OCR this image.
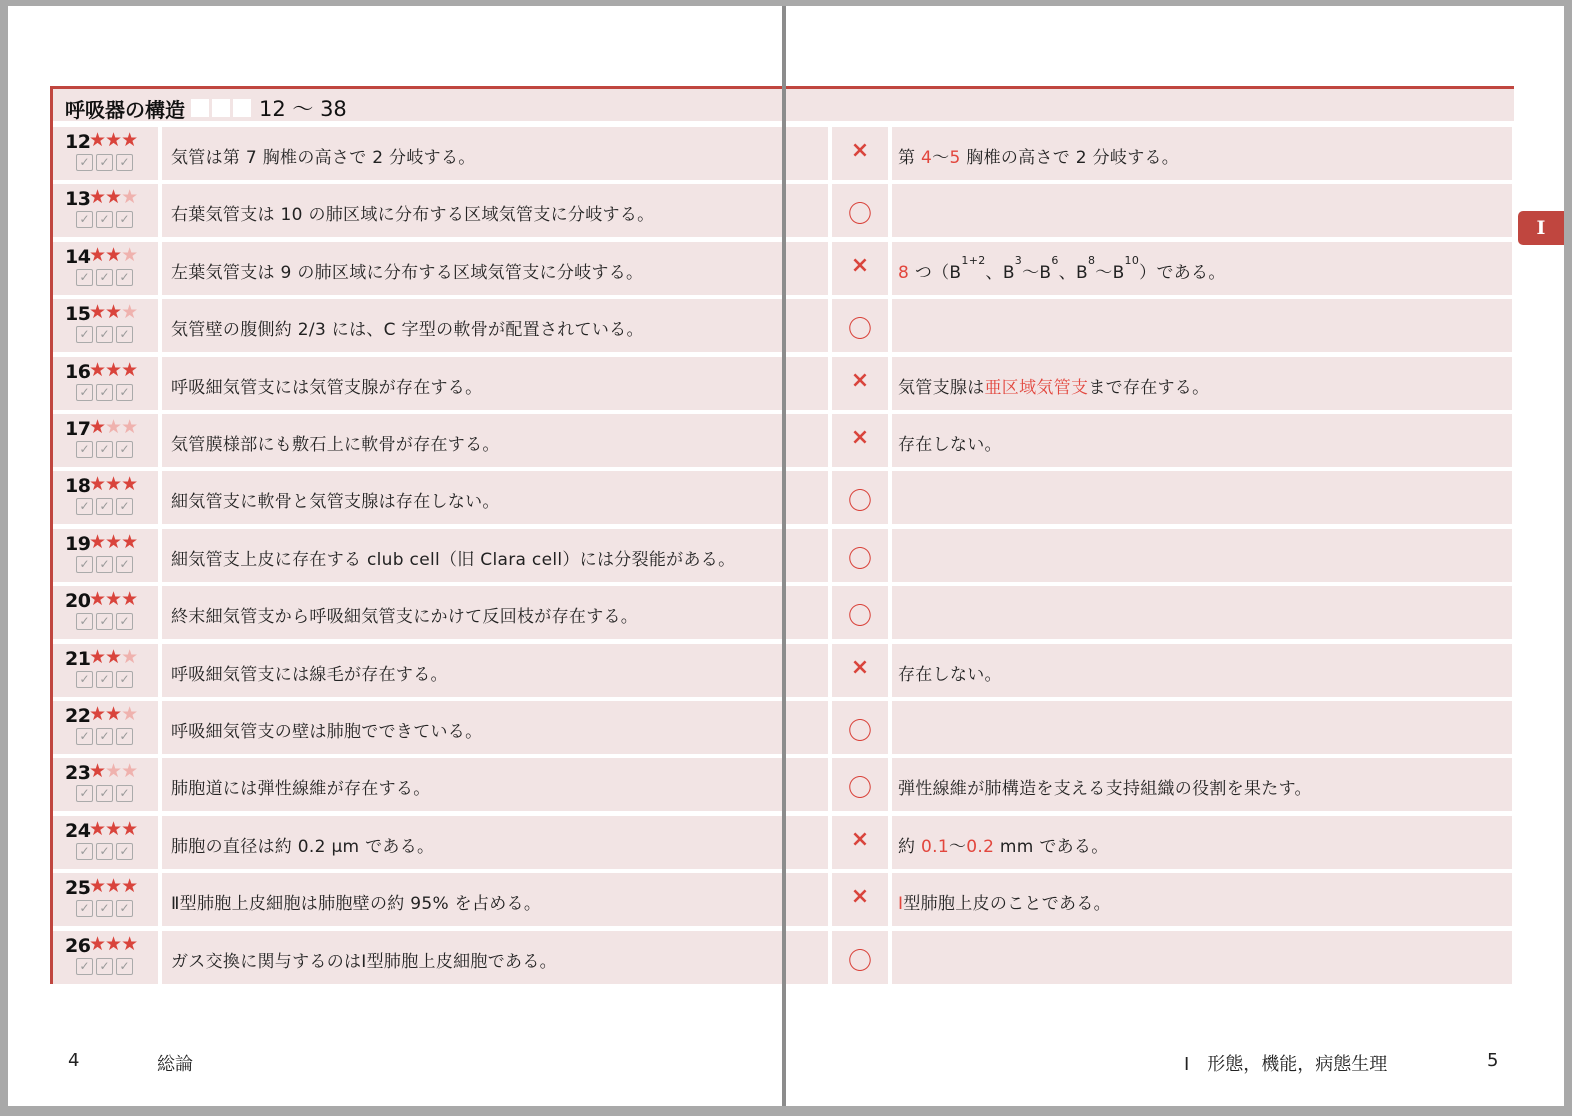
呼吸器の構造	12 ～ 38
12
★★★
✓ ✓ ✓ 気管は第 7 胸椎の高さで 2 分岐する。	×	第 4～5 胸椎の高さで 2 分岐する。
13
★★★
✓ ✓ ✓ 右葉気管支は 10 の肺区域に分布する区域気管支に分岐する。	〇
14
★★★
✓ ✓ ✓ 左葉気管支は 9 の肺区域に分布する区域気管支に分岐する。	×	8 つ（$B^{1+2}$、$B^3\sim B^6$、$B^8\sim B^{10}$）である。
15
★★★
✓ ✓ ✓ 気管壁の腹側約 2/3 には、C 字型の軟骨が配置されている。	〇
16
★★★
✓ ✓ ✓ 呼吸細気管支には気管支腺が存在する。	×	気管支腺は亜区域気管支まで存在する。
17
★★★
✓ ✓ ✓ 気管膜様部にも敷石上に軟骨が存在する。	×	存在しない。
18
★★★
✓ ✓ ✓ 細気管支に軟骨と気管支腺は存在しない。	〇
19
★★★
✓ ✓ ✓ 細気管支上皮に存在する club cell（旧 Clara cell）には分裂能がある。	〇
20
★★★
✓ ✓ ✓ 終末細気管支から呼吸細気管支にかけて反回枝が存在する。	〇
21
★★★
✓ ✓ ✓ 呼吸細気管支には線毛が存在する。	×	存在しない。
22
★★★
✓ ✓ ✓ 呼吸細気管支の壁は肺胞でできている。	〇
23
★★★
✓ ✓ ✓ 肺胞道には弾性線維が存在する。	〇	弾性線維が肺構造を支える支持組織の役割を果たす。
24
★★★
✓ ✓ ✓ 肺胞の直径は約 0.2 μm である。	×	約 0.1～0.2 mm である。
25
★★★
✓ ✓ ✓ Ⅱ型肺胞上皮細胞は肺胞壁の約 95% を占める。	×	Ⅰ型肺胞上皮のことである。
26
★★★
✓ ✓ ✓ ガス交換に関与するのはⅠ型肺胞上皮細胞である。	〇
I
4	総論	I　形態，機能，病態生理	5
